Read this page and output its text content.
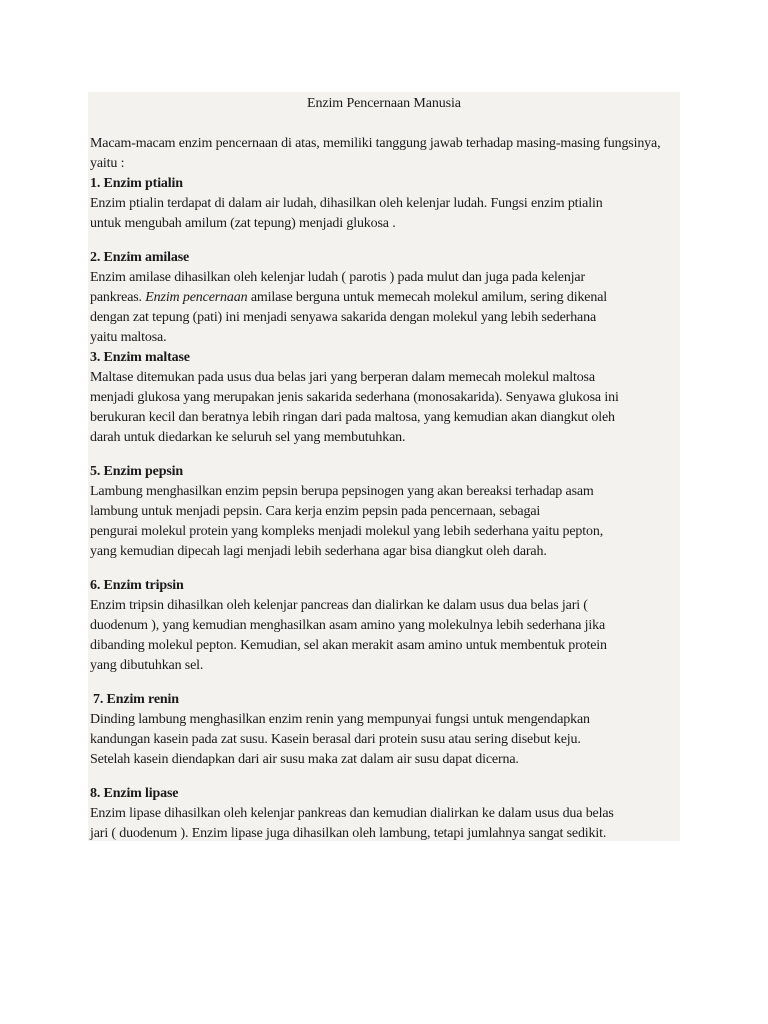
Enzim Pencernaan Manusia

Macam-macam enzim pencernaan di atas, memiliki tanggung jawab terhadap masing-masing fungsinya, yaitu :

1. Enzim ptialin

Enzim ptialin terdapat di dalam air ludah, dihasilkan oleh kelenjar ludah. Fungsi enzim ptialin

untuk mengubah amilum (zat tepung) menjadi glukosa .

2. Enzim amilase

Enzim amilase dihasilkan oleh kelenjar ludah ( parotis ) pada mulut dan juga pada kelenjar

pankreas. Enzim pencernaan amilase berguna untuk memecah molekul amilum, sering dikenal

dengan zat tepung (pati) ini menjadi senyawa sakarida dengan molekul yang lebih sederhana

yaitu maltosa.

3. Enzim maltase

Maltase ditemukan pada usus dua belas jari yang berperan dalam memecah molekul maltosa

menjadi glukosa yang merupakan jenis sakarida sederhana (monosakarida). Senyawa glukosa ini

berukuran kecil dan beratnya lebih ringan dari pada maltosa, yang kemudian akan diangkut oleh

darah untuk diedarkan ke seluruh sel yang membutuhkan.

5. Enzim pepsin

Lambung menghasilkan enzim pepsin berupa pepsinogen yang akan bereaksi terhadap asam

lambung untuk menjadi pepsin. Cara kerja enzim pepsin pada pencernaan, sebagai

pengurai molekul protein yang kompleks menjadi molekul yang lebih sederhana yaitu pepton,

yang kemudian dipecah lagi menjadi lebih sederhana agar bisa diangkut oleh darah.

6. Enzim tripsin

Enzim tripsin dihasilkan oleh kelenjar pancreas dan dialirkan ke dalam usus dua belas jari (

duodenum ), yang kemudian menghasilkan asam amino yang molekulnya lebih sederhana jika

dibanding molekul pepton. Kemudian, sel akan merakit asam amino untuk membentuk protein

yang dibutuhkan sel.

7. Enzim renin

Dinding lambung menghasilkan enzim renin yang mempunyai fungsi untuk mengendapkan

kandungan kasein pada zat susu. Kasein berasal dari protein susu atau sering disebut keju.

Setelah kasein diendapkan dari air susu maka zat dalam air susu dapat dicerna.

8. Enzim lipase

Enzim lipase dihasilkan oleh kelenjar pankreas dan kemudian dialirkan ke dalam usus dua belas

jari ( duodenum ). Enzim lipase juga dihasilkan oleh lambung, tetapi jumlahnya sangat sedikit.
